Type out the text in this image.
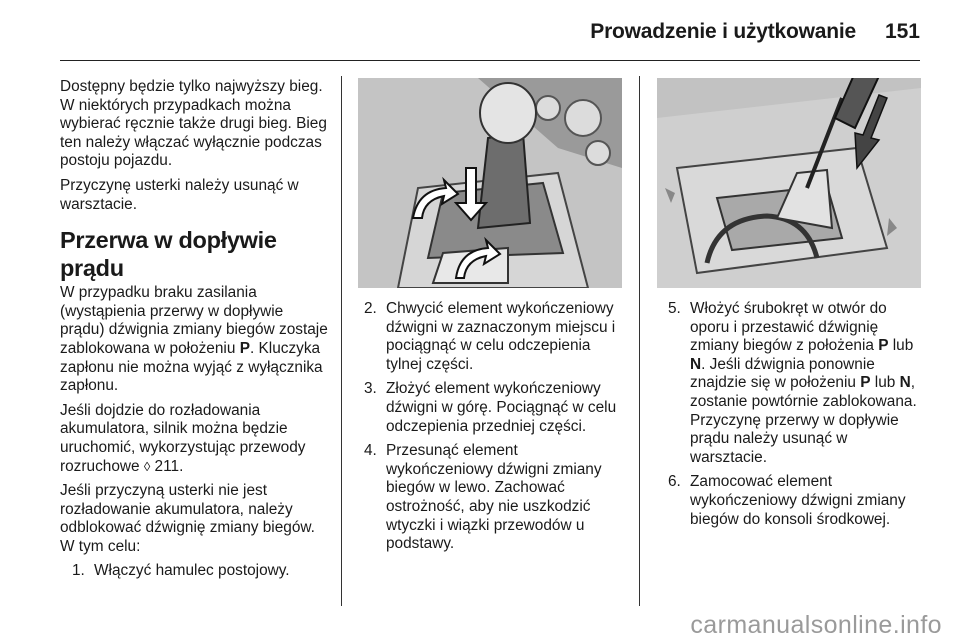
Prowadzenie i użytkowanie 151

Dostępny będzie tylko najwyższy bieg. W niektórych przypadkach można wybierać ręcznie także drugi bieg. Bieg ten należy włączać wyłącznie podczas postoju pojazdu.

Przyczynę usterki należy usunąć w warsztacie.

Przerwa w dopływie prądu

W przypadku braku zasilania (wystąpienia przerwy w dopływie prądu) dźwignia zmiany biegów zostaje zablokowana w położeniu P. Kluczyka zapłonu nie można wyjąć z wyłącznika zapłonu.

Jeśli dojdzie do rozładowania akumulatora, silnik można będzie uruchomić, wykorzystując przewody rozruchowe ◊ 211.

Jeśli przyczyną usterki nie jest rozładowanie akumulatora, należy odblokować dźwignię zmiany biegów. W tym celu:

1. Włączyć hamulec postojowy.
2. Chwycić element wykończeniowy dźwigni w zaznaczonym miejscu i pociągnąć w celu odczepienia tylnej części.
3. Złożyć element wykończeniowy dźwigni w górę. Pociągnąć w celu odczepienia przedniej części.
4. Przesunąć element wykończeniowy dźwigni zmiany biegów w lewo. Zachować ostrożność, aby nie uszkodzić wtyczki i wiązki przewodów u podstawy.
5. Włożyć śrubokręt w otwór do oporu i przestawić dźwignię zmiany biegów z położenia P lub N. Jeśli dźwignia ponownie znajdzie się w położeniu P lub N, zostanie powtórnie zablokowana. Przyczynę przerwy w dopływie prądu należy usunąć w warsztacie.
6. Zamocować element wykończeniowy dźwigni zmiany biegów do konsoli środkowej.
carmanualsonline.info
